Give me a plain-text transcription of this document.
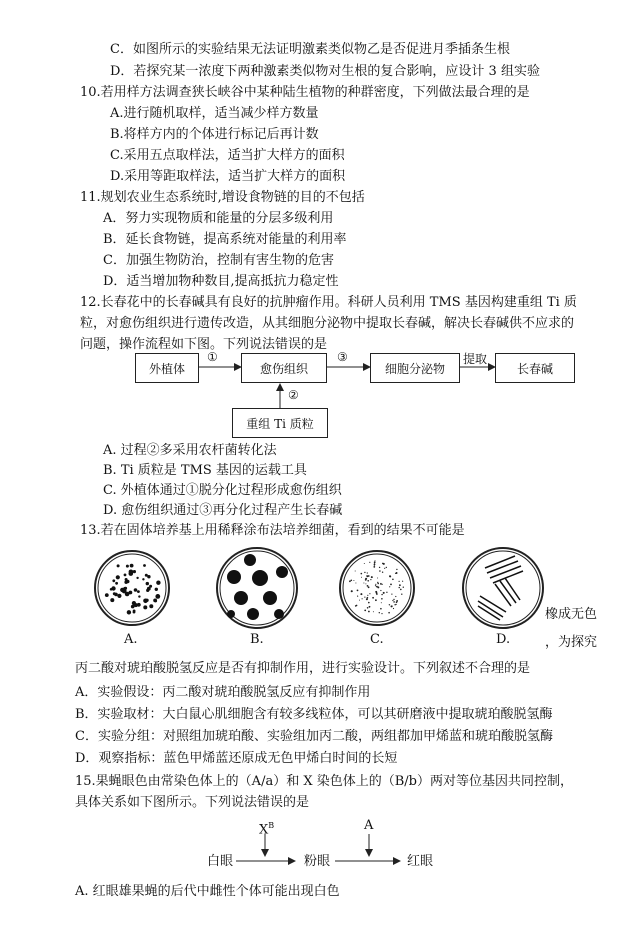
C．如图所示的实验结果无法证明激素类似物乙是否促进月季插条生根
D．若探究某一浓度下两种激素类似物对生根的复合影响，应设计 3 组实验
10.若用样方法调查狭长峡谷中某种陆生植物的种群密度，下列做法最合理的是
A.进行随机取样，适当减少样方数量
B.将样方内的个体进行标记后再计数
C.采用五点取样法，适当扩大样方的面积
D.采用等距取样法，适当扩大样方的面积
11.规划农业生态系统时,增设食物链的目的不包括
A．努力实现物质和能量的分层多级利用
B．延长食物链，提高系统对能量的利用率
C．加强生物防治，控制有害生物的危害
D．适当增加物种数目,提高抵抗力稳定性
12.长春花中的长春碱具有良好的抗肿瘤作用。科研人员利用 TMS 基因构建重组 Ti 质
粒，对愈伤组织进行遗传改造，从其细胞分泌物中提取长春碱，解决长春碱供不应求的
问题，操作流程如下图。下列说法错误的是
外植体	愈伤组织	细胞分泌物	长春碱
重组 Ti 质粒
①	③	提取
②
A. 过程②多采用农杆菌转化法
B. Ti 质粒是 TMS 基因的运载工具
C. 外植体通过①脱分化过程形成愈伤组织
D. 愈伤组织通过③再分化过程产生长春碱
13.若在固体培养基上用稀释涂布法培养细菌，看到的结果不可能是
A.	B.	C.	D.
橡成无色
，为探究
丙二酸对琥珀酸脱氢反应是否有抑制作用，进行实验设计。下列叙述不合理的是
A．实验假设：丙二酸对琥珀酸脱氢反应有抑制作用
B．实验取材：大白鼠心肌细胞含有较多线粒体，可以其研磨液中提取琥珀酸脱氢酶
C．实验分组：对照组加琥珀酸、实验组加丙二酸，两组都加甲烯蓝和琥珀酸脱氢酶
D．观察指标：蓝色甲烯蓝还原成无色甲烯白时间的长短
15.果蝇眼色由常染色体上的（A/a）和 X 染色体上的（B/b）两对等位基因共同控制，
具体关系如下图所示。下列说法错误的是
$X^B$	A
白眼	粉眼	红眼
A. 红眼雄果蝇的后代中雌性个体可能出现白色
